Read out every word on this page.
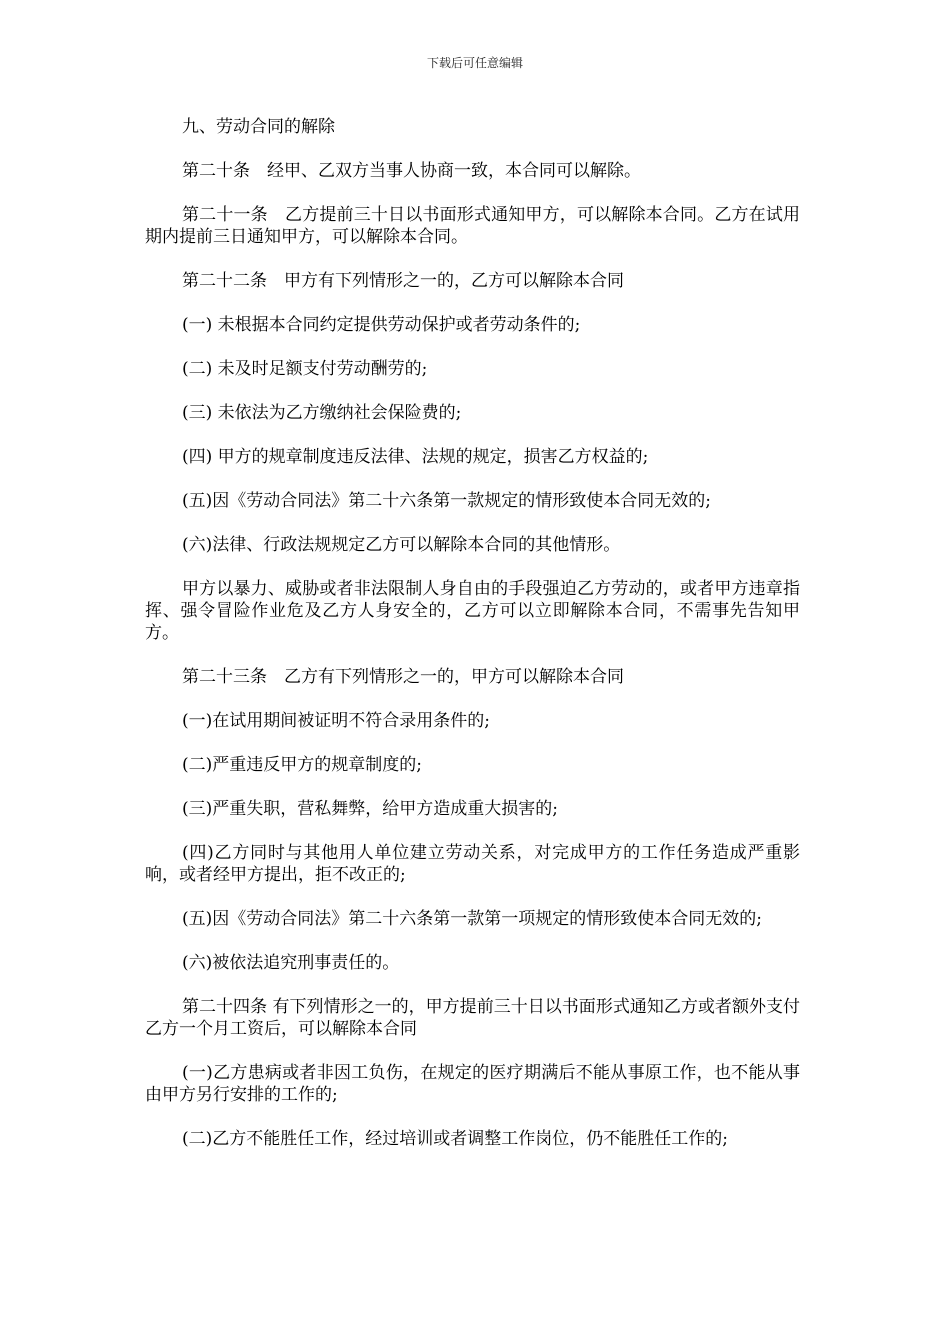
下载后可任意编辑

九、劳动合同的解除

第二十条　经甲、乙双方当事人协商一致，本合同可以解除。

第二十一条　乙方提前三十日以书面形式通知甲方，可以解除本合同。乙方在试用期内提前三日通知甲方，可以解除本合同。

第二十二条　甲方有下列情形之一的，乙方可以解除本合同

(一) 未根据本合同约定提供劳动保护或者劳动条件的;

(二) 未及时足额支付劳动酬劳的;

(三) 未依法为乙方缴纳社会保险费的;

(四) 甲方的规章制度违反法律、法规的规定，损害乙方权益的;

(五)因《劳动合同法》第二十六条第一款规定的情形致使本合同无效的;

(六)法律、行政法规规定乙方可以解除本合同的其他情形。

甲方以暴力、威胁或者非法限制人身自由的手段强迫乙方劳动的，或者甲方违章指挥、强令冒险作业危及乙方人身安全的，乙方可以立即解除本合同，不需事先告知甲方。

第二十三条　乙方有下列情形之一的，甲方可以解除本合同

(一)在试用期间被证明不符合录用条件的;

(二)严重违反甲方的规章制度的;

(三)严重失职，营私舞弊，给甲方造成重大损害的;

(四)乙方同时与其他用人单位建立劳动关系，对完成甲方的工作任务造成严重影响，或者经甲方提出，拒不改正的;

(五)因《劳动合同法》第二十六条第一款第一项规定的情形致使本合同无效的;

(六)被依法追究刑事责任的。

第二十四条 有下列情形之一的，甲方提前三十日以书面形式通知乙方或者额外支付乙方一个月工资后，可以解除本合同

(一)乙方患病或者非因工负伤，在规定的医疗期满后不能从事原工作，也不能从事由甲方另行安排的工作的;

(二)乙方不能胜任工作，经过培训或者调整工作岗位，仍不能胜任工作的;
